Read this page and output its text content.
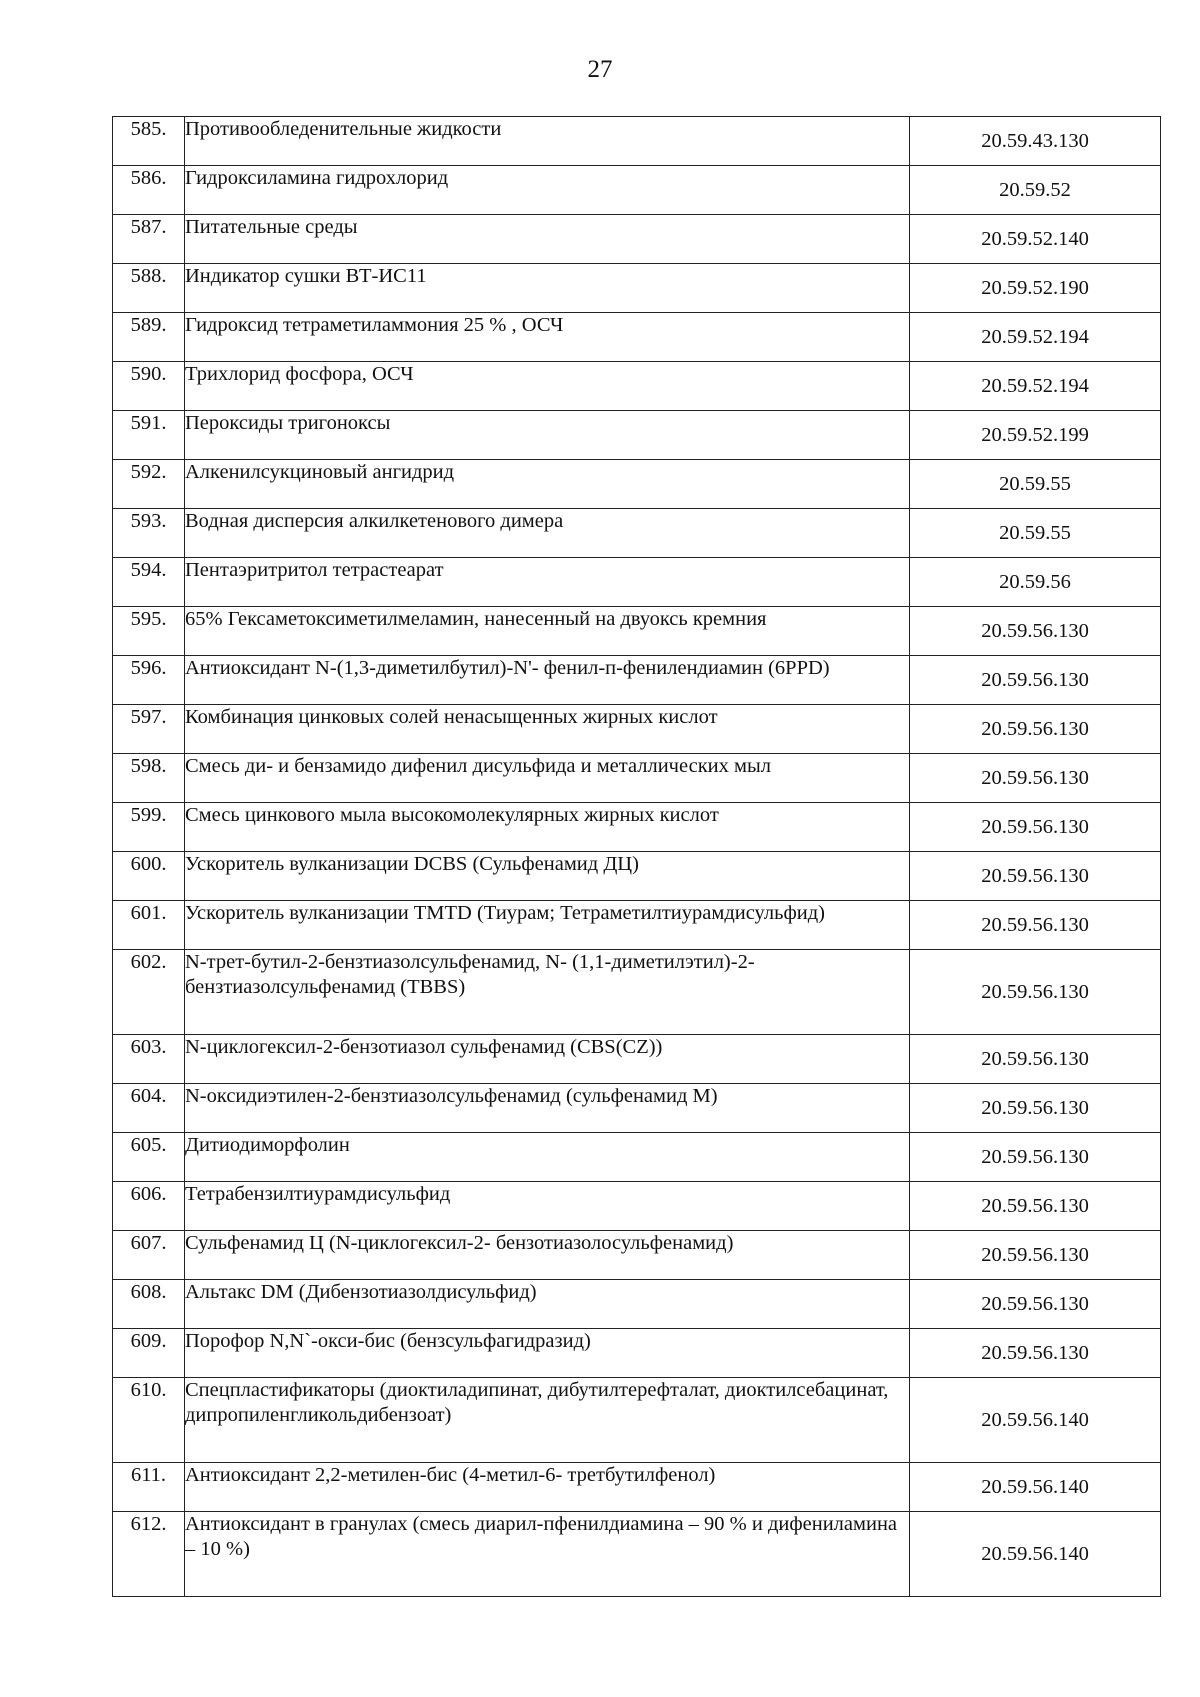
27
585.	Противообледенительные жидкости	20.59.43.130
586.	Гидроксиламина гидрохлорид	20.59.52
587.	Питательные среды	20.59.52.140
588.	Индикатор сушки ВТ-ИС11	20.59.52.190
589.	Гидроксид тетраметиламмония 25 % , ОСЧ	20.59.52.194
590.	Трихлорид фосфора, ОСЧ	20.59.52.194
591.	Пероксиды тригоноксы	20.59.52.199
592.	Алкенилсукциновый ангидрид	20.59.55
593.	Водная дисперсия алкилкетенового димера	20.59.55
594.	Пентаэритритол тетрастеарат	20.59.56
595.	65% Гексаметоксиметилмеламин, нанесенный на двуоксь кремния	20.59.56.130
596.	Антиоксидант N-(1,3-диметилбутил)-N'- фенил-п-фенилендиамин (6PPD)	20.59.56.130
597.	Комбинация цинковых солей ненасыщенных жирных кислот	20.59.56.130
598.	Смесь ди- и бензамидо дифенил дисульфида и металлических мыл	20.59.56.130
599.	Смесь цинкового мыла высокомолекулярных жирных кислот	20.59.56.130
600.	Ускоритель вулканизации DCBS (Сульфенамид ДЦ)	20.59.56.130
601.	Ускоритель вулканизации TMTD (Тиурам; Тетраметилтиурамдисульфид)	20.59.56.130
602.	N-трет-бутил-2-бензтиазолсульфенамид, N- (1,1-диметилэтил)-2-бензтиазолсульфенамид (TBBS)	20.59.56.130
603.	N-циклогексил-2-бензотиазол сульфенамид (CBS(CZ))	20.59.56.130
604.	N-оксидиэтилен-2-бензтиазолсульфенамид (сульфенамид М)	20.59.56.130
605.	Дитиодиморфолин	20.59.56.130
606.	Тетрабензилтиурамдисульфид	20.59.56.130
607.	Сульфенамид Ц (N-циклогексил-2- бензотиазолосульфенамид)	20.59.56.130
608.	Альтакс DM (Дибензотиазолдисульфид)	20.59.56.130
609.	Порофор N,N`-окси-бис (бензсульфагидразид)	20.59.56.130
610.	Спецпластификаторы (диоктиладипинат, дибутилтерефталат, диоктилсебацинат, дипропиленгликольдибензоат)	20.59.56.140
611.	Антиоксидант 2,2-метилен-бис (4-метил-6- третбутилфенол)	20.59.56.140
612.	Антиоксидант в гранулах (смесь диарил-пфенилдиамина – 90 % и дифениламина – 10 %)	20.59.56.140
